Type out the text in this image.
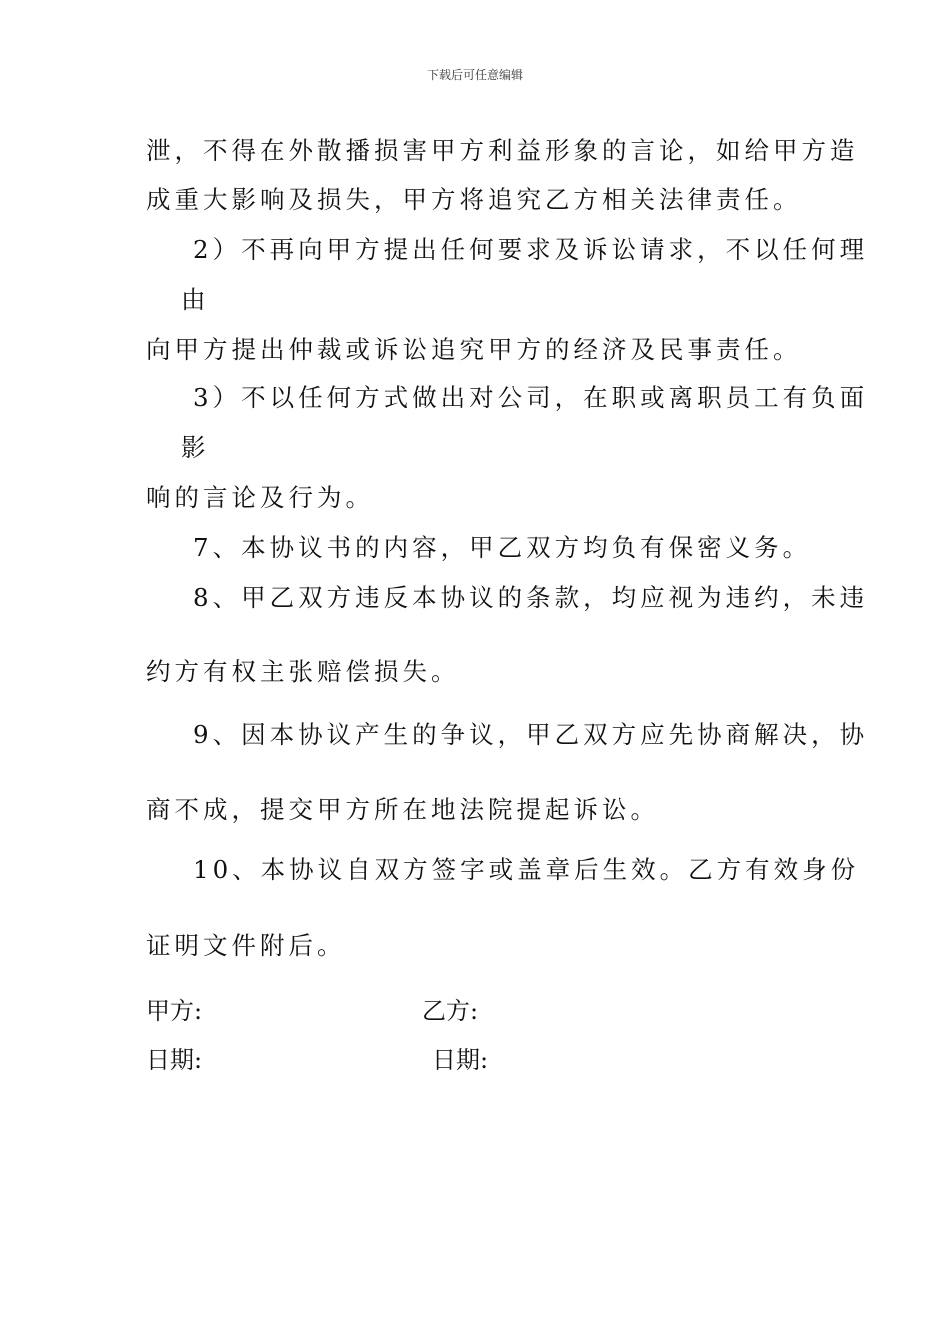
下载后可任意编辑
泄，不得在外散播损害甲方利益形象的言论，如给甲方造
成重大影响及损失，甲方将追究乙方相关法律责任。
2）不再向甲方提出任何要求及诉讼请求，不以任何理
由
向甲方提出仲裁或诉讼追究甲方的经济及民事责任。
3）不以任何方式做出对公司，在职或离职员工有负面
影
响的言论及行为。
7、本协议书的内容，甲乙双方均负有保密义务。
8、甲乙双方违反本协议的条款，均应视为违约，未违
约方有权主张赔偿损失。
9、因本协议产生的争议，甲乙双方应先协商解决，协
商不成，提交甲方所在地法院提起诉讼。
10、本协议自双方签字或盖章后生效。乙方有效身份
证明文件附后。
甲方:	乙方:
日期:	日期:
